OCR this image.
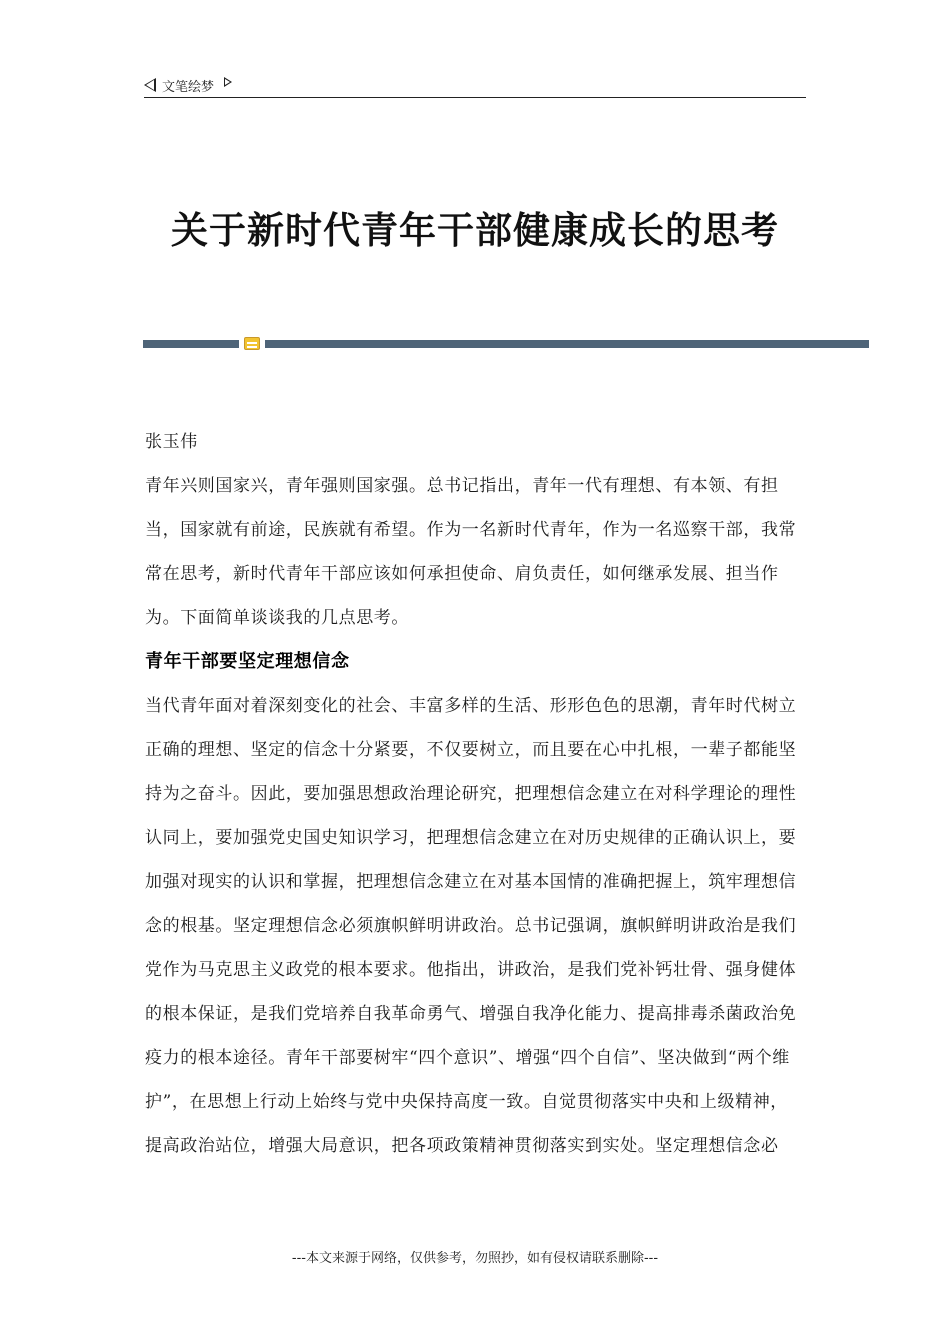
文笔绘梦
关于新时代青年干部健康成长的思考

张玉伟

青年兴则国家兴，青年强则国家强。总书记指出，青年一代有理想、有本领、有担当，国家就有前途，民族就有希望。作为一名新时代青年，作为一名巡察干部，我常常在思考，新时代青年干部应该如何承担使命、肩负责任，如何继承发展、担当作为。下面简单谈谈我的几点思考。

青年干部要坚定理想信念

当代青年面对着深刻变化的社会、丰富多样的生活、形形色色的思潮，青年时代树立正确的理想、坚定的信念十分紧要，不仅要树立，而且要在心中扎根，一辈子都能坚持为之奋斗。因此，要加强思想政治理论研究，把理想信念建立在对科学理论的理性认同上，要加强党史国史知识学习，把理想信念建立在对历史规律的正确认识上，要加强对现实的认识和掌握，把理想信念建立在对基本国情的准确把握上，筑牢理想信念的根基。坚定理想信念必须旗帜鲜明讲政治。总书记强调，旗帜鲜明讲政治是我们党作为马克思主义政党的根本要求。他指出，讲政治，是我们党补钙壮骨、强身健体的根本保证，是我们党培养自我革命勇气、增强自我净化能力、提高排毒杀菌政治免疫力的根本途径。青年干部要树牢“四个意识”、增强“四个自信”、坚决做到“两个维护”，在思想上行动上始终与党中央保持高度一致。自觉贯彻落实中央和上级精神，提高政治站位，增强大局意识，把各项政策精神贯彻落实到实处。坚定理想信念必

---本文来源于网络，仅供参考，勿照抄，如有侵权请联系删除---
